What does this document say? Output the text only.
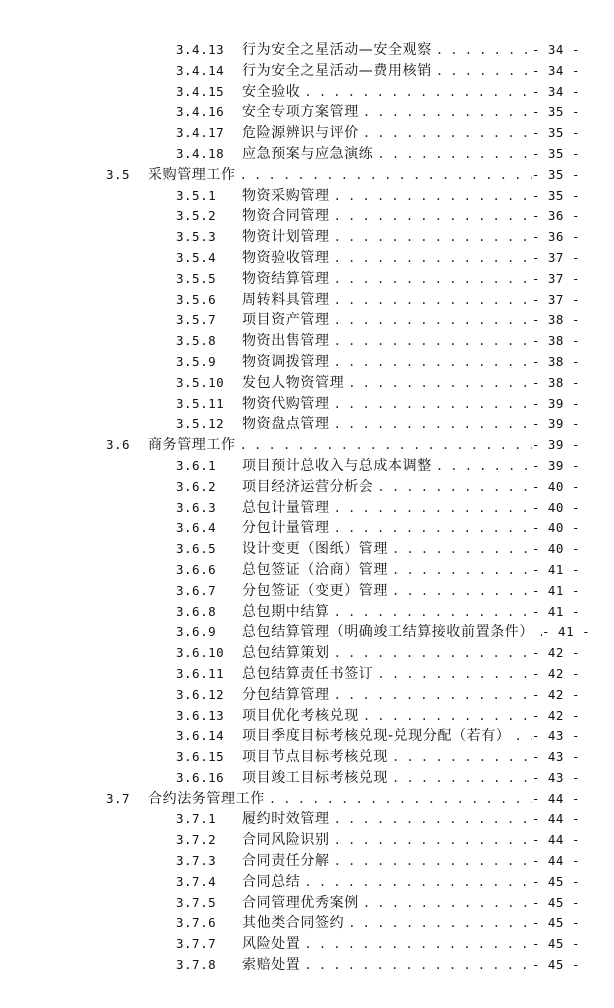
3.4.13	行为安全之星活动—安全观察 . . .	- 34 -
3.4.14	行为安全之星活动—费用核销 . . .	- 34 -
3.4.15	安全验收 . . .	- 34 -
3.4.16	安全专项方案管理 . . .	- 35 -
3.4.17	危险源辨识与评价 . . .	- 35 -
3.4.18	应急预案与应急演练 . . .	- 35 -
3.5	采购管理工作 . . .	- 35 -
3.5.1	物资采购管理 . . .	- 35 -
3.5.2	物资合同管理 . . .	- 36 -
3.5.3	物资计划管理 . . .	- 36 -
3.5.4	物资验收管理 . . .	- 37 -
3.5.5	物资结算管理 . . .	- 37 -
3.5.6	周转料具管理 . . .	- 37 -
3.5.7	项目资产管理 . . .	- 38 -
3.5.8	物资出售管理 . . .	- 38 -
3.5.9	物资调拨管理 . . .	- 38 -
3.5.10	发包人物资管理 . . .	- 38 -
3.5.11	物资代购管理 . . .	- 39 -
3.5.12	物资盘点管理 . . .	- 39 -
3.6	商务管理工作 . . .	- 39 -
3.6.1	项目预计总收入与总成本调整 . . .	- 39 -
3.6.2	项目经济运营分析会 . . .	- 40 -
3.6.3	总包计量管理 . . .	- 40 -
3.6.4	分包计量管理 . . .	- 40 -
3.6.5	设计变更（图纸）管理 . . .	- 40 -
3.6.6	总包签证（洽商）管理 . . .	- 41 -
3.6.7	分包签证（变更）管理 . . .	- 41 -
3.6.8	总包期中结算 . . .	- 41 -
3.6.9	总包结算管理（明确竣工结算接收前置条件） . . . - 41 -
3.6.10	总包结算策划 . . .	- 42 -
3.6.11	总包结算责任书签订 . . .	- 42 -
3.6.12	分包结算管理 . . .	- 42 -
3.6.13	项目优化考核兑现 . . .	- 42 -
3.6.14	项目季度目标考核兑现-兑现分配（若有） . . . - 43 -
3.6.15	项目节点目标考核兑现 . . .	- 43 -
3.6.16	项目竣工目标考核兑现 . . .	- 43 -
3.7	合约法务管理工作 . . .	- 44 -
3.7.1	履约时效管理 . . .	- 44 -
3.7.2	合同风险识别 . . .	- 44 -
3.7.3	合同责任分解 . . .	- 44 -
3.7.4	合同总结 . . .	- 45 -
3.7.5	合同管理优秀案例 . . .	- 45 -
3.7.6	其他类合同签约 . . .	- 45 -
3.7.7	风险处置 . . .	- 45 -
3.7.8	索赔处置 . . .	- 45 -
